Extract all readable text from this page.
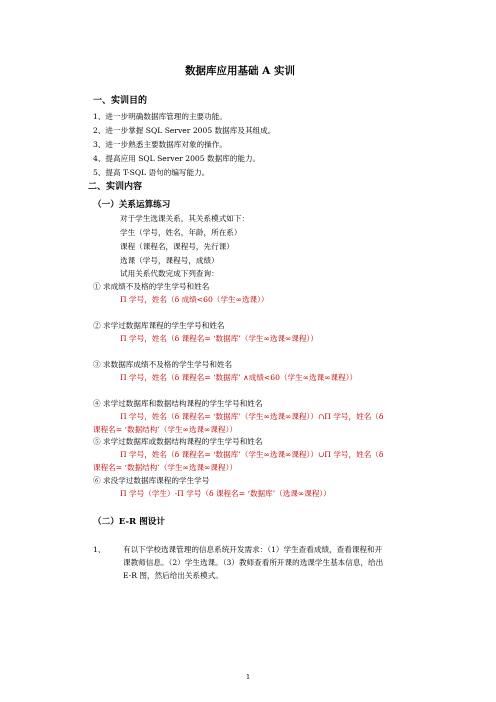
数据库应用基础 A 实训
一、实训目的
1、进一步明确数据库管理的主要功能。
2、进一步掌握 SQL Server 2005 数据库及其组成。
3、进一步熟悉主要数据库对象的操作。
4、提高应用 SQL Server 2005 数据库的能力。
5、提高 T-SQL 语句的编写能力。
二、实训内容
（一）关系运算练习
对于学生选课关系，其关系模式如下：
学生（学号，姓名，年龄，所在系）
课程（课程名，课程号，先行课）
选课（学号，课程号，成绩）
试用关系代数完成下列查询：
① 求成绩不及格的学生学号和姓名
Π 学号，姓名（δ 成绩<60（学生∞选课））
② 求学过数据库课程的学生学号和姓名
Π 学号，姓名（δ 课程名= ‘数据库’（学生∞选课∞课程））
③ 求数据库成绩不及格的学生学号和姓名
Π 学号，姓名（δ 课程名= ‘数据库’ ∧成绩<60（学生∞选课∞课程））
④ 求学过数据库和数据结构课程的学生学号和姓名
Π 学号，姓名（δ 课程名= ‘数据库’（学生∞选课∞课程））∩Π 学号，姓名（δ
课程名= ‘数据结构’（学生∞选课∞课程））
⑤ 求学过数据库或数据结构课程的学生学号和姓名
Π 学号，姓名（δ 课程名= ‘数据库’（学生∞选课∞课程））∪Π 学号，姓名（δ
课程名= ‘数据结构’（学生∞选课∞课程））
⑥ 求没学过数据库课程的学生学号
Π 学号（学生）-Π 学号（δ 课程名= ‘数据库’（选课∞课程））
（二）E-R 图设计
1、 有以下学校选课管理的信息系统开发需求：（1）学生查看成绩，查看课程和开
课教师信息。（2）学生选课。（3）教师查看所开课的选课学生基本信息，给出
E-R 图，然后给出关系模式。
1
